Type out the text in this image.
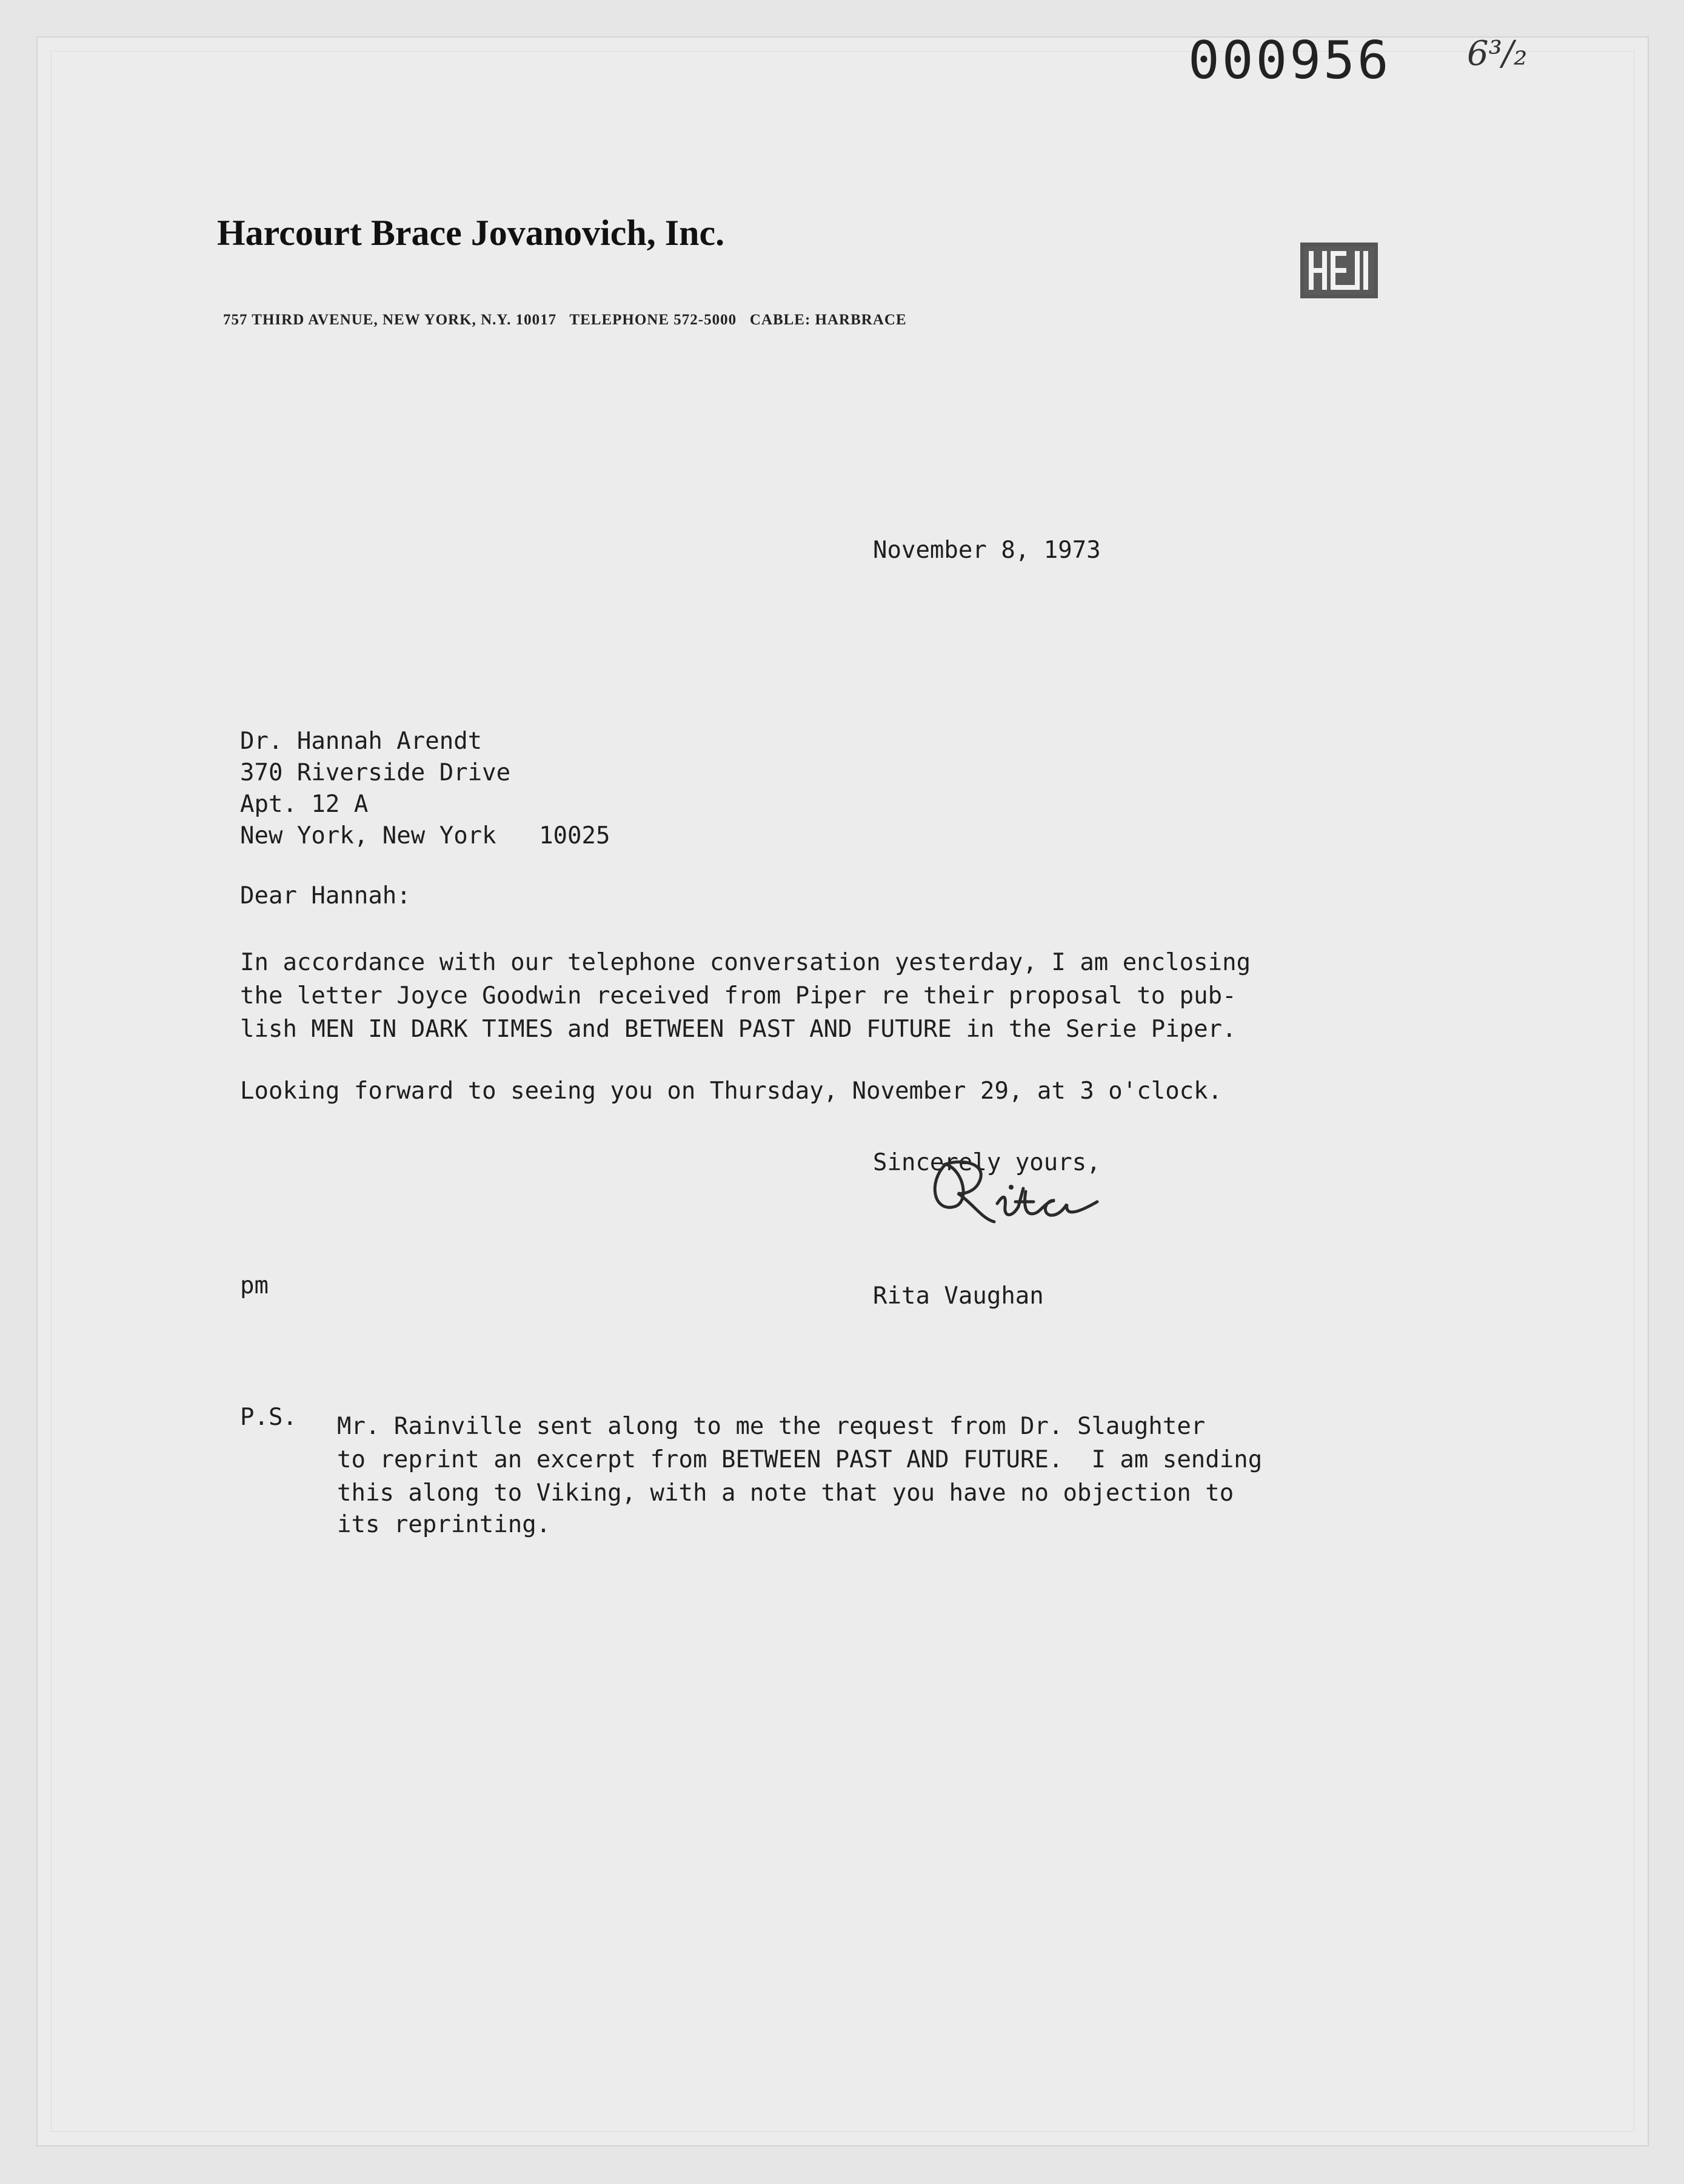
000956 6³/₂
Harcourt Brace Jovanovich, Inc.
757 THIRD AVENUE, NEW YORK, N.Y. 10017   TELEPHONE 572-5000   CABLE: HARBRACE
November 8, 1973
Dr. Hannah Arendt
370 Riverside Drive
Apt. 12 A
New York, New York   10025
Dear Hannah:
In accordance with our telephone conversation yesterday, I am enclosing
the letter Joyce Goodwin received from Piper re their proposal to pub-
lish MEN IN DARK TIMES and BETWEEN PAST AND FUTURE in the Serie Piper.
Looking forward to seeing you on Thursday, November 29, at 3 o'clock.
Sincerely yours,
Rita
pm	Rita Vaughan
P.S. Mr. Rainville sent along to me the request from Dr. Slaughter
to reprint an excerpt from BETWEEN PAST AND FUTURE.  I am sending
this along to Viking, with a note that you have no objection to
its reprinting.
